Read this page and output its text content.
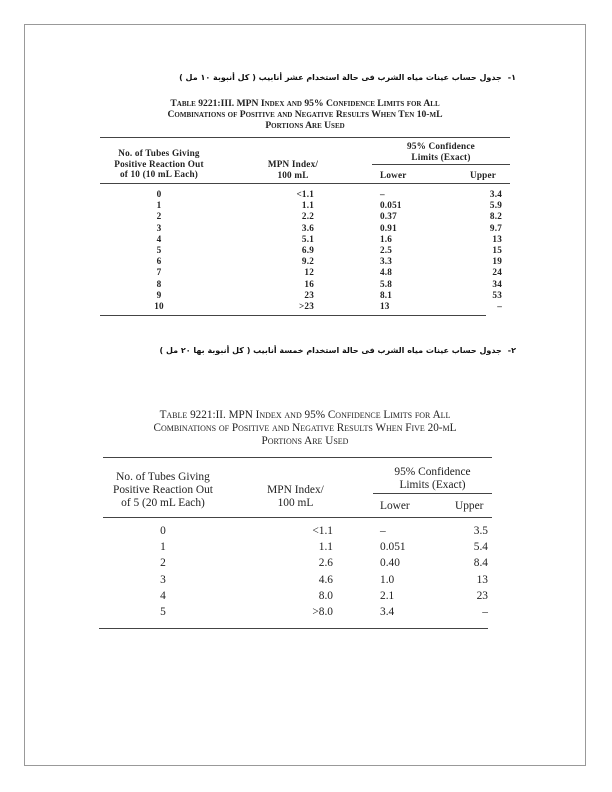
١-جدول حساب عينات مياه الشرب فى حالة استخدام عشر أنابيب ( كل أنبوبة ١٠ مل )
Table 9221:III. MPN Index and 95% Confidence Limits for All
Combinations of Positive and Negative Results When Ten 10-mL
Portions Are Used
No. of Tubes Giving
Positive Reaction Out
of 10 (10 mL Each)
MPN Index/
100 mL
95% Confidence
Limits (Exact)
Lower	Upper
0	<1.1	–	3.4
1	1.1	0.051	5.9
2	2.2	0.37	8.2
3	3.6	0.91	9.7
4	5.1	1.6	13
5	6.9	2.5	15
6	9.2	3.3	19
7	12	4.8	24
8	16	5.8	34
9	23	8.1	53
10	>23	13	–
٢-جدول حساب عينات مياه الشرب فى حالة استخدام خمسة أنابيب ( كل أنبوبة بها ٢٠ مل )
Table 9221:II. MPN Index and 95% Confidence Limits for All
Combinations of Positive and Negative Results When Five 20-mL
Portions Are Used
No. of Tubes Giving
Positive Reaction Out
of 5 (20 mL Each)
MPN Index/
100 mL
95% Confidence
Limits (Exact)
Lower	Upper
0	<1.1	–	3.5
1	1.1	0.051	5.4
2	2.6	0.40	8.4
3	4.6	1.0	13
4	8.0	2.1	23
5	>8.0	3.4	–
